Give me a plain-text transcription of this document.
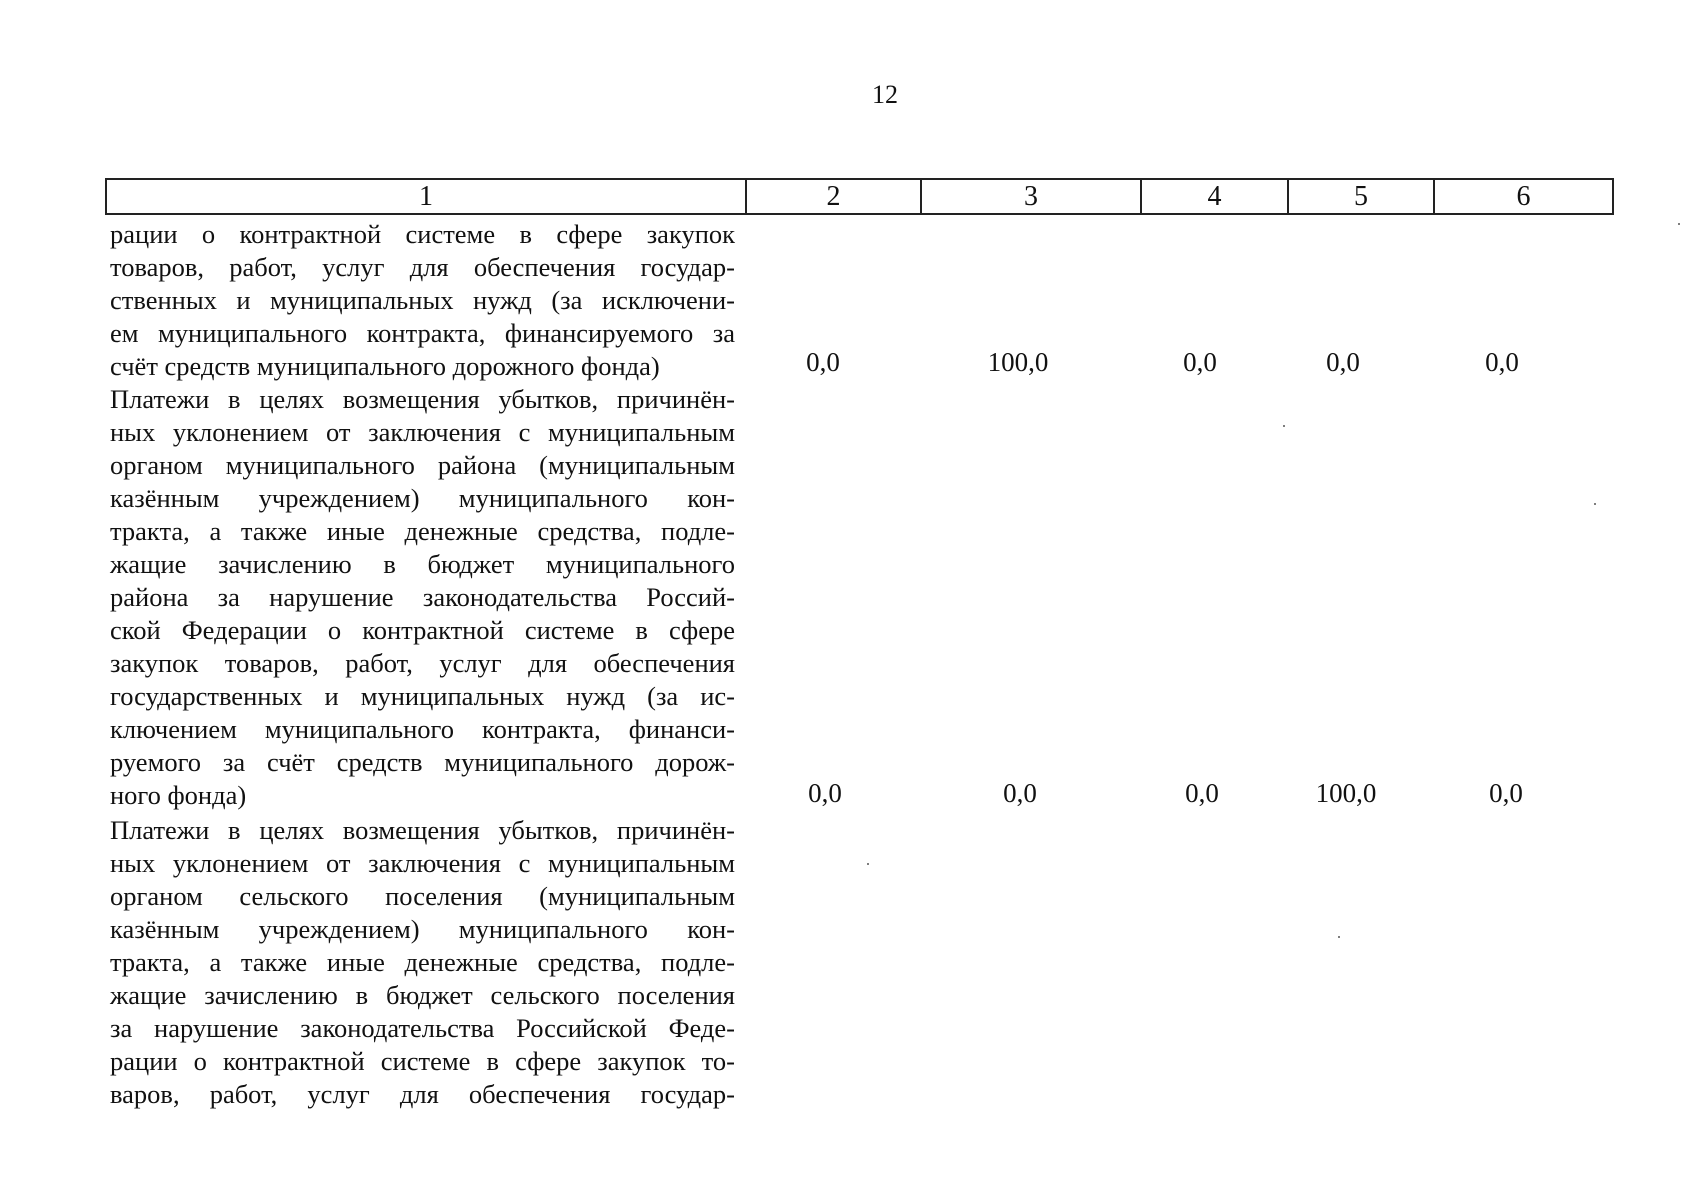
12
1	2	3	4	5	6
рации о контрактной системе в сфере закупок
товаров, работ, услуг для обеспечения государ-
ственных и муниципальных нужд (за исключени-
ем муниципального контракта, финансируемого за
счёт средств муниципального дорожного фонда)	0,0	100,0	0,0	0,0	0,0
Платежи в целях возмещения убытков, причинён-
ных уклонением от заключения с муниципальным
органом муниципального района (муниципальным
казённым учреждением) муниципального кон-
тракта, а также иные денежные средства, подле-
жащие зачислению в бюджет муниципального
района за нарушение законодательства Россий-
ской Федерации о контрактной системе в сфере
закупок товаров, работ, услуг для обеспечения
государственных и муниципальных нужд (за ис-
ключением муниципального контракта, финанси-
руемого за счёт средств муниципального дорож-
ного фонда)	0,0	0,0	0,0	100,0	0,0
Платежи в целях возмещения убытков, причинён-
ных уклонением от заключения с муниципальным
органом сельского поселения (муниципальным
казённым учреждением) муниципального кон-
тракта, а также иные денежные средства, подле-
жащие зачислению в бюджет сельского поселения
за нарушение законодательства Российской Феде-
рации о контрактной системе в сфере закупок то-
варов, работ, услуг для обеспечения государ-
